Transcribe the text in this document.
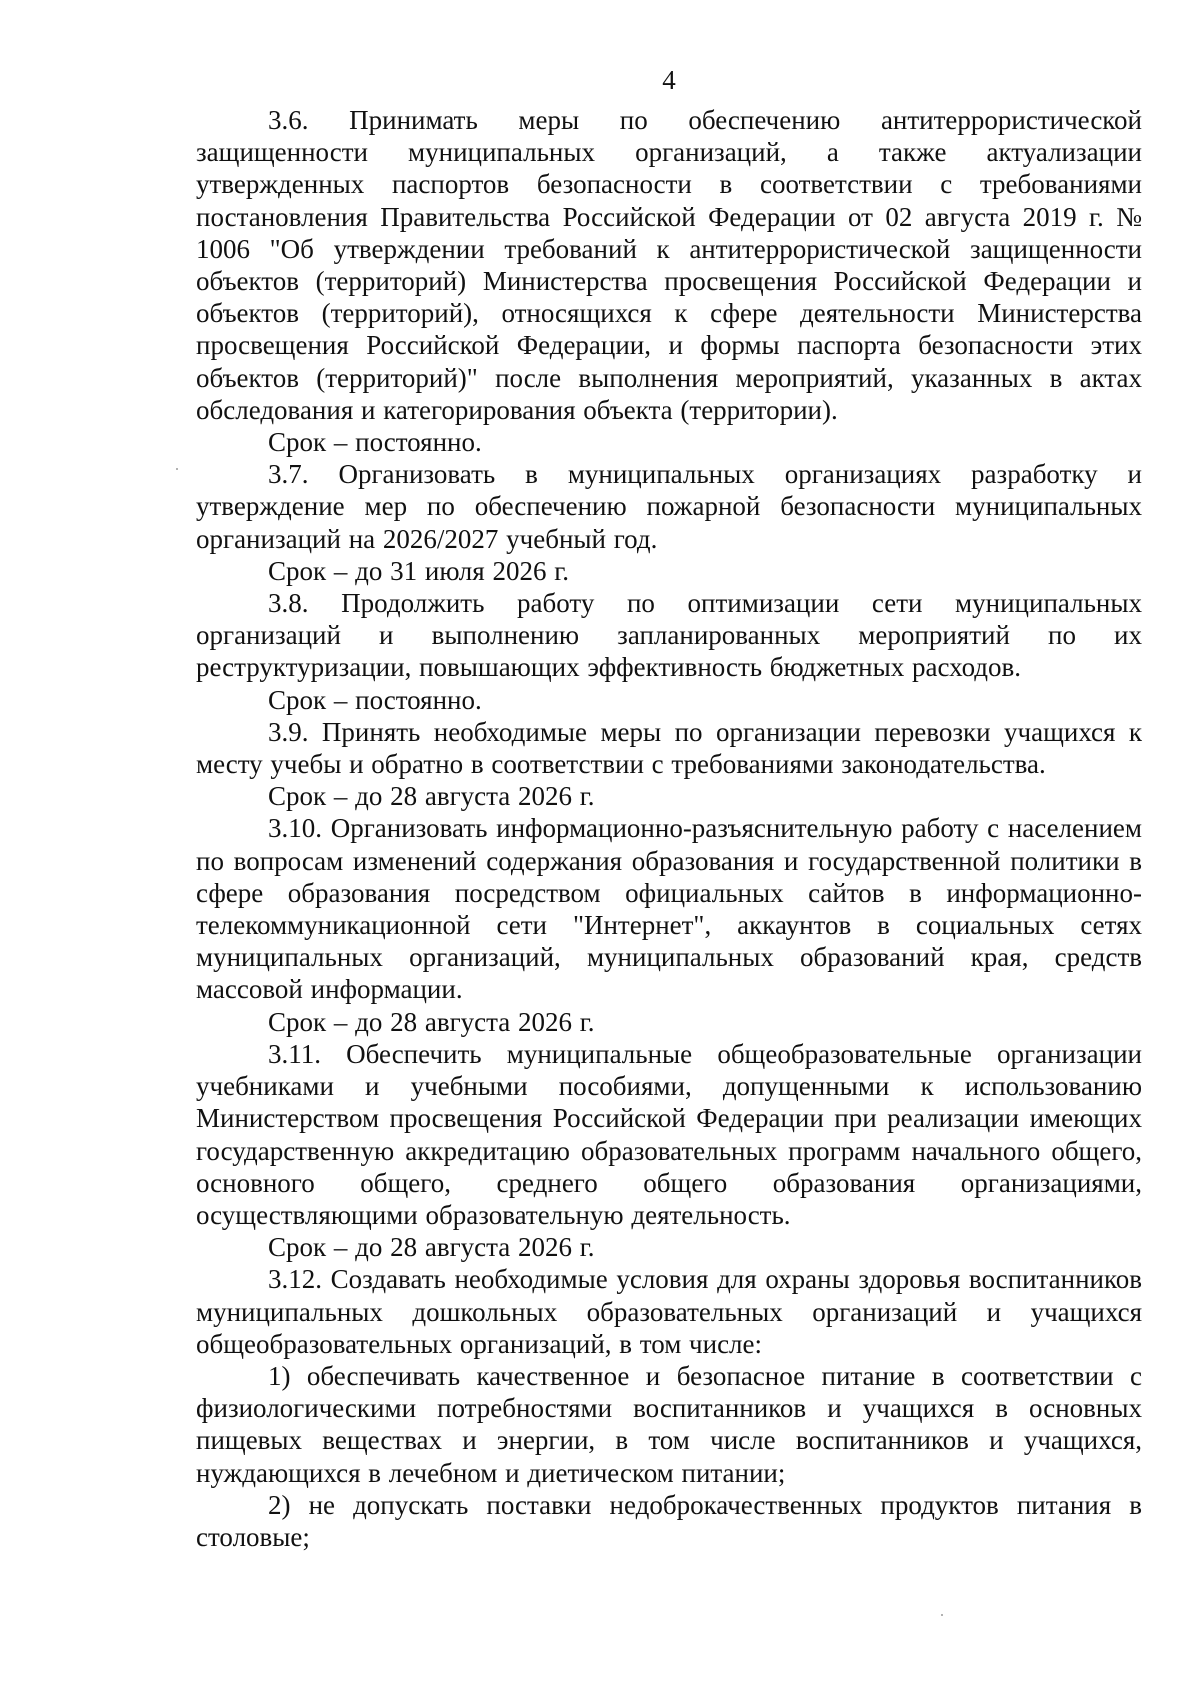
4

3.6. Принимать меры по обеспечению антитеррористической защищенности муниципальных организаций, а также актуализации утвержденных паспортов безопасности в соответствии с требованиями постановления Правительства Российской Федерации от 02 августа 2019 г. № 1006 "Об утверждении требований к антитеррористической защищенности объектов (территорий) Министерства просвещения Российской Федерации и объектов (территорий), относящихся к сфере деятельности Министерства просвещения Российской Федерации, и формы паспорта безопасности этих объектов (территорий)" после выполнения мероприятий, указанных в актах обследования и категорирования объекта (территории).

Срок – постоянно.

3.7. Организовать в муниципальных организациях разработку и утверждение мер по обеспечению пожарной безопасности муниципальных организаций на 2026/2027 учебный год.

Срок – до 31 июля 2026 г.

3.8. Продолжить работу по оптимизации сети муниципальных организаций и выполнению запланированных мероприятий по их реструктуризации, повышающих эффективность бюджетных расходов.

Срок – постоянно.

3.9. Принять необходимые меры по организации перевозки учащихся к месту учебы и обратно в соответствии с требованиями законодательства.

Срок – до 28 августа 2026 г.

3.10. Организовать информационно-разъяснительную работу с населением по вопросам изменений содержания образования и государственной политики в сфере образования посредством официальных сайтов в информационно-телекоммуникационной сети "Интернет", аккаунтов в социальных сетях муниципальных организаций, муниципальных образований края, средств массовой информации.

Срок – до 28 августа 2026 г.

3.11. Обеспечить муниципальные общеобразовательные организации учебниками и учебными пособиями, допущенными к использованию Министерством просвещения Российской Федерации при реализации имеющих государственную аккредитацию образовательных программ начального общего, основного общего, среднего общего образования организациями, осуществляющими образовательную деятельность.

Срок – до 28 августа 2026 г.

3.12. Создавать необходимые условия для охраны здоровья воспитанников муниципальных дошкольных образовательных организаций и учащихся общеобразовательных организаций, в том числе:

1) обеспечивать качественное и безопасное питание в соответствии с физиологическими потребностями воспитанников и учащихся в основных пищевых веществах и энергии, в том числе воспитанников и учащихся, нуждающихся в лечебном и диетическом питании;

2) не допускать поставки недоброкачественных продуктов питания в столовые;
